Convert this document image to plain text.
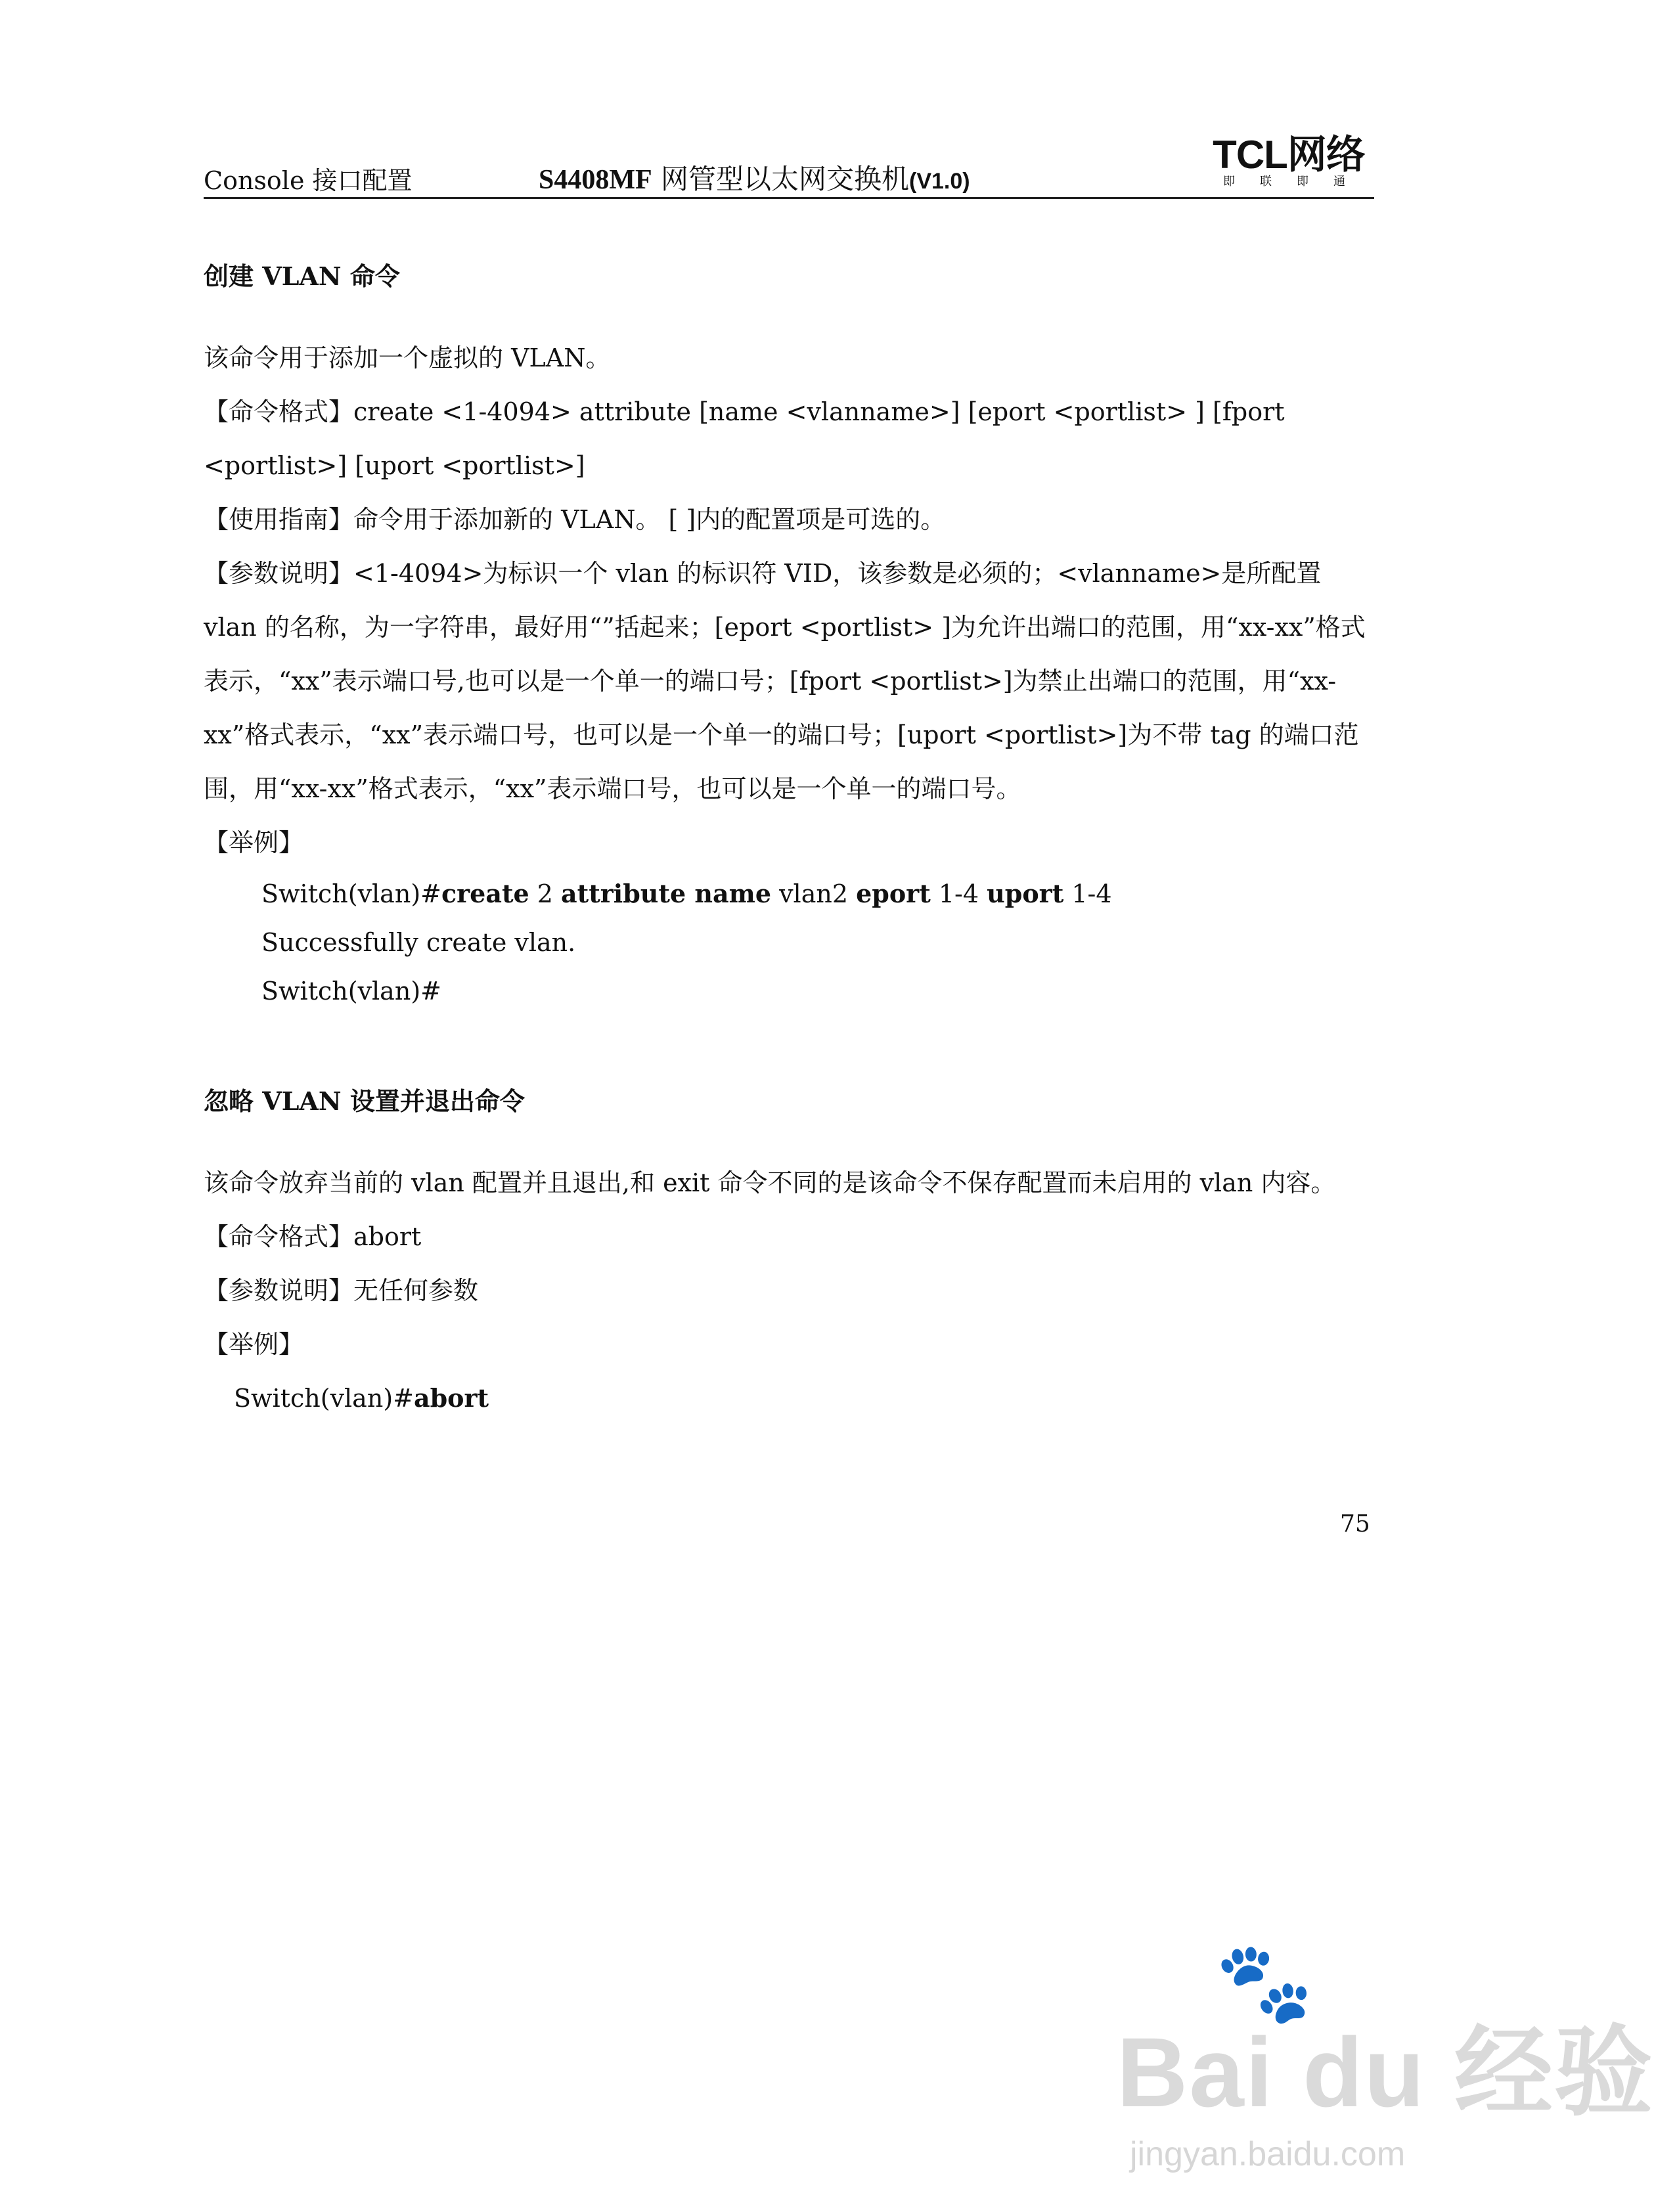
Console 接口配置	S4408MF 网管型以太网交换机(V1.0)
TCL网络
即联即通

创建 VLAN 命令

该命令用于添加一个虚拟的 VLAN。

【命令格式】create <1-4094> attribute [name <vlanname>] [eport <portlist> ] [fport <portlist>] [uport <portlist>]

【使用指南】命令用于添加新的 VLAN。 [ ]内的配置项是可选的。

【参数说明】<1-4094>为标识一个 vlan 的标识符 VID，该参数是必须的；<vlanname>是所配置 vlan 的名称，为一字符串，最好用“”括起来；[eport <portlist> ]为允许出端口的范围，用“xx-xx”格式表示，“xx”表示端口号,也可以是一个单一的端口号；[fport <portlist>]为禁止出端口的范围，用“xx-xx”格式表示，“xx”表示端口号，也可以是一个单一的端口号；[uport <portlist>]为不带 tag 的端口范围，用“xx-xx”格式表示，“xx”表示端口号，也可以是一个单一的端口号。

【举例】

Switch(vlan)#create 2 attribute name vlan2 eport 1-4 uport 1-4
Successfully create vlan.
Switch(vlan)#

忽略 VLAN 设置并退出命令

该命令放弃当前的 vlan 配置并且退出,和 exit 命令不同的是该命令不保存配置而未启用的 vlan 内容。

【命令格式】abort

【参数说明】无任何参数

【举例】

Switch(vlan)#abort
75
🐾
Bai du 经验
jingyan.baidu.com
